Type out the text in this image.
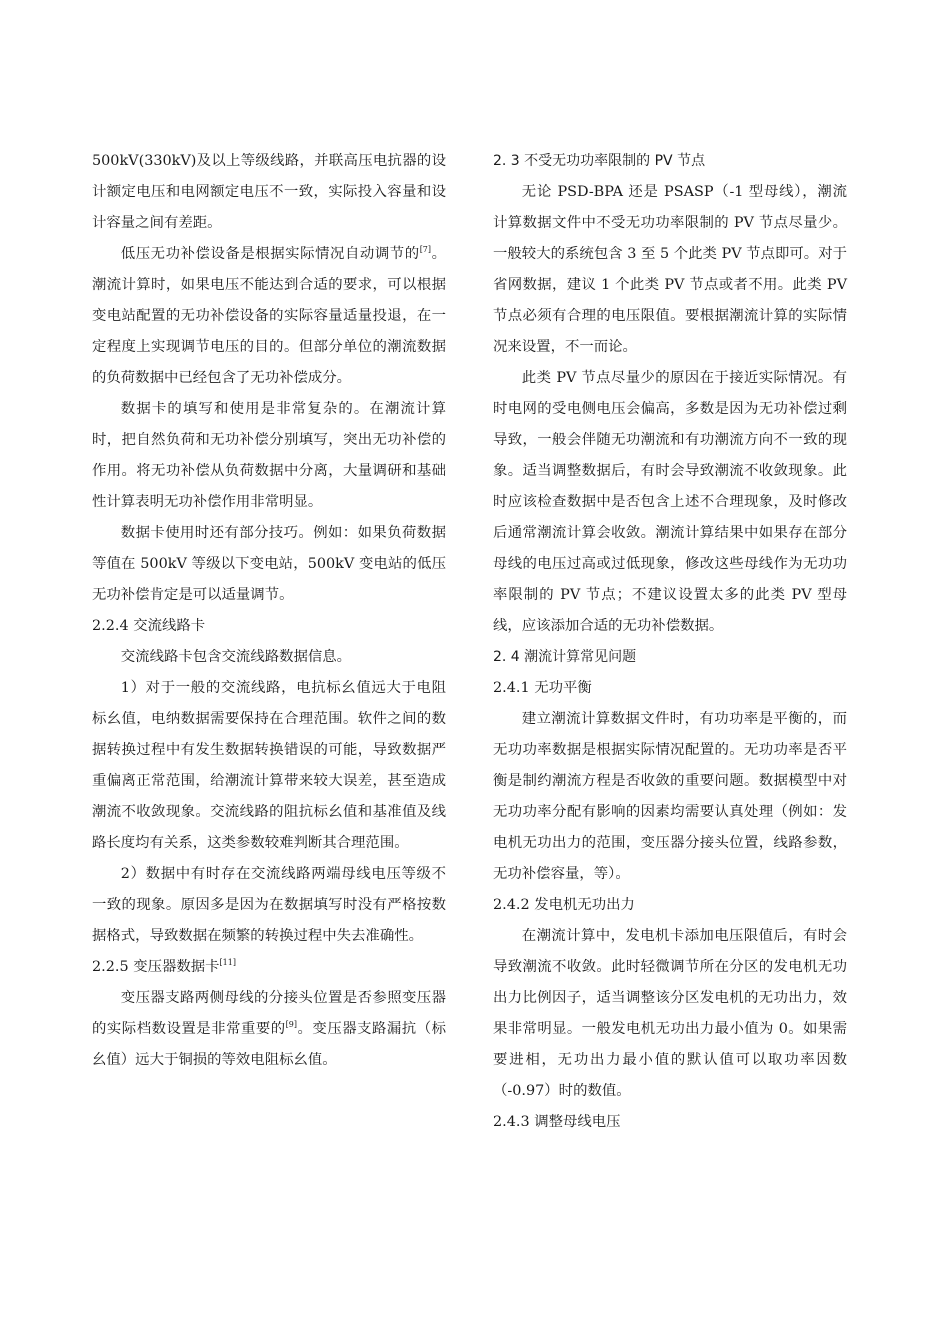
500kV(330kV)及以上等级线路，并联高压电抗器的设计额定电压和电网额定电压不一致，实际投入容量和设计容量之间有差距。

低压无功补偿设备是根据实际情况自动调节的[7]。潮流计算时，如果电压不能达到合适的要求，可以根据变电站配置的无功补偿设备的实际容量适量投退，在一定程度上实现调节电压的目的。但部分单位的潮流数据的负荷数据中已经包含了无功补偿成分。

数据卡的填写和使用是非常复杂的。在潮流计算时，把自然负荷和无功补偿分别填写，突出无功补偿的作用。将无功补偿从负荷数据中分离，大量调研和基础性计算表明无功补偿作用非常明显。

数据卡使用时还有部分技巧。例如：如果负荷数据等值在 500kV 等级以下变电站，500kV 变电站的低压无功补偿肯定是可以适量调节。

2.2.4 交流线路卡

交流线路卡包含交流线路数据信息。

1）对于一般的交流线路，电抗标幺值远大于电阻标幺值，电纳数据需要保持在合理范围。软件之间的数据转换过程中有发生数据转换错误的可能，导致数据严重偏离正常范围，给潮流计算带来较大误差，甚至造成潮流不收敛现象。交流线路的阻抗标幺值和基准值及线路长度均有关系，这类参数较难判断其合理范围。

2）数据中有时存在交流线路两端母线电压等级不一致的现象。原因多是因为在数据填写时没有严格按数据格式，导致数据在频繁的转换过程中失去准确性。

2.2.5 变压器数据卡[11]

变压器支路两侧母线的分接头位置是否参照变压器的实际档数设置是非常重要的[9]。变压器支路漏抗（标幺值）远大于铜损的等效电阻标幺值。

2. 3 不受无功功率限制的 PV 节点

无论 PSD-BPA 还是 PSASP（-1 型母线），潮流计算数据文件中不受无功功率限制的 PV 节点尽量少。一般较大的系统包含 3 至 5 个此类 PV 节点即可。对于省网数据，建议 1 个此类 PV 节点或者不用。此类 PV 节点必须有合理的电压限值。要根据潮流计算的实际情况来设置，不一而论。

此类 PV 节点尽量少的原因在于接近实际情况。有时电网的受电侧电压会偏高，多数是因为无功补偿过剩导致，一般会伴随无功潮流和有功潮流方向不一致的现象。适当调整数据后，有时会导致潮流不收敛现象。此时应该检查数据中是否包含上述不合理现象，及时修改后通常潮流计算会收敛。潮流计算结果中如果存在部分母线的电压过高或过低现象，修改这些母线作为无功功率限制的 PV 节点；不建议设置太多的此类 PV 型母线，应该添加合适的无功补偿数据。

2. 4 潮流计算常见问题

2.4.1 无功平衡

建立潮流计算数据文件时，有功功率是平衡的，而无功功率数据是根据实际情况配置的。无功功率是否平衡是制约潮流方程是否收敛的重要问题。数据模型中对无功功率分配有影响的因素均需要认真处理（例如：发电机无功出力的范围，变压器分接头位置，线路参数，无功补偿容量，等）。

2.4.2 发电机无功出力

在潮流计算中，发电机卡添加电压限值后，有时会导致潮流不收敛。此时轻微调节所在分区的发电机无功出力比例因子，适当调整该分区发电机的无功出力，效果非常明显。一般发电机无功出力最小值为 0。如果需要进相，无功出力最小值的默认值可以取功率因数（-0.97）时的数值。

2.4.3 调整母线电压
